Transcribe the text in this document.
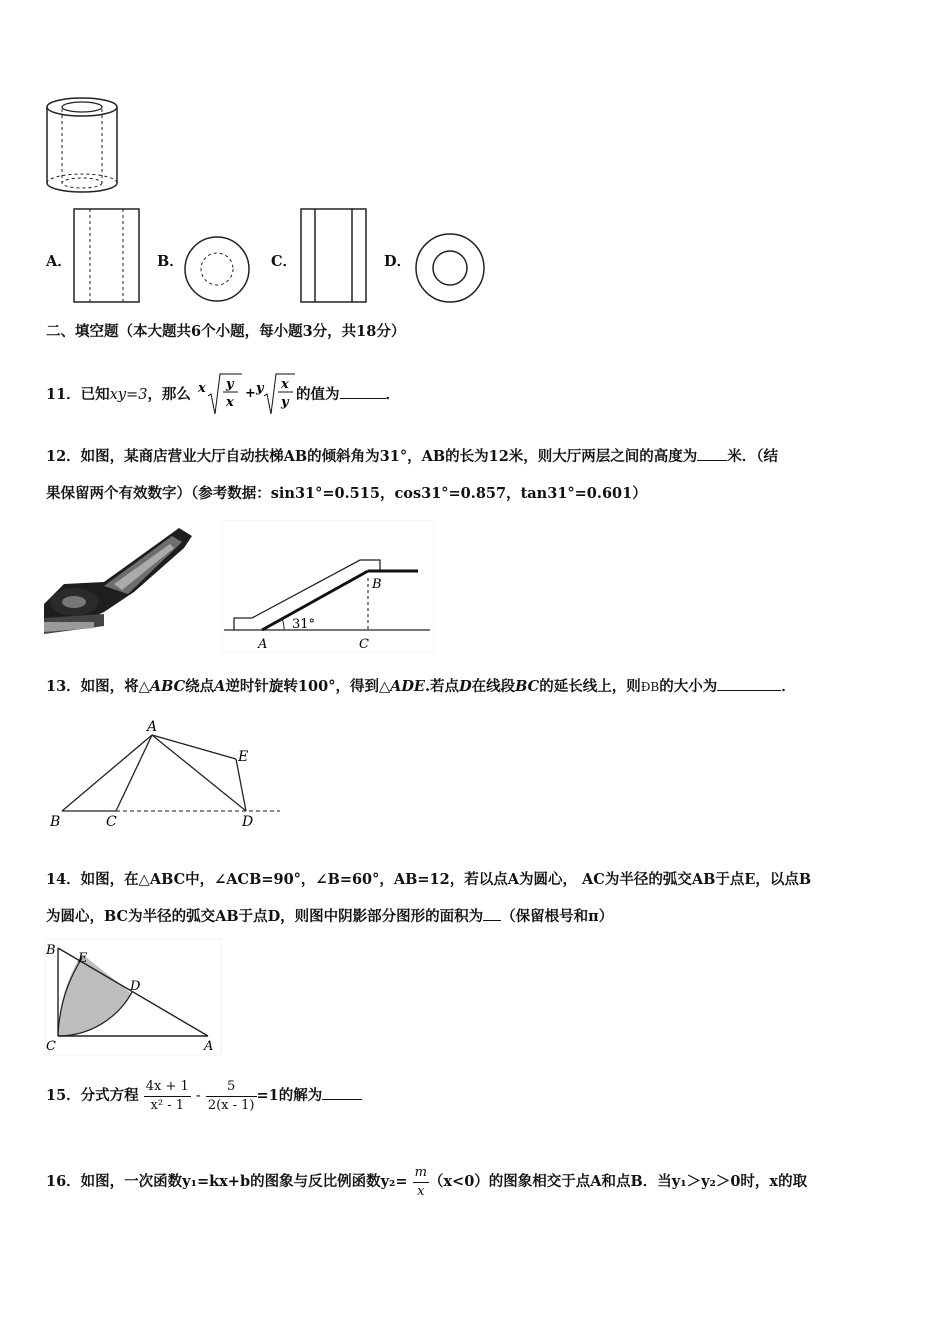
A．	B．	C．	D．
二、填空题（本大题共6个小题，每小题3分，共18分）
11．已知xy=3，那么 x y
x
+ y x
y 的值为	．
12．如图，某商店营业大厅自动扶梯AB的倾斜角为31°，AB的长为12米，则大厅两层之间的高度为 米．（结
果保留两个有效数字）（参考数据：sin31°=0.515，cos31°=0.857，tan31°=0.601）
31°
A
B
C
13．如图，将△ABC绕点A逆时针旋转100°，得到△ADE.若点D在线段BC的延长线上，则ÐB的大小为	．
A
B	C	D
E
14．如图，在△ABC中，∠ACB=90°，∠B=60°，AB=12，若以点A为圆心， AC为半径的弧交AB于点E，以点B
为圆心，BC为半径的弧交AB于点D，则图中阴影部分图形的面积为 （保留根号和π）
B
E
D
C	A
15．分式方程 $\frac{4x + 1}{\text{x² - 1}} - \frac{5}{2(x - 1)} =1$的解为
16．如图，一次函数y₁=kx+b的图象与反比例函数$y_2= \frac{m}{x} (x<0)$的图象相交于点A和点B．当y₁＞y₂＞0时，x的取
